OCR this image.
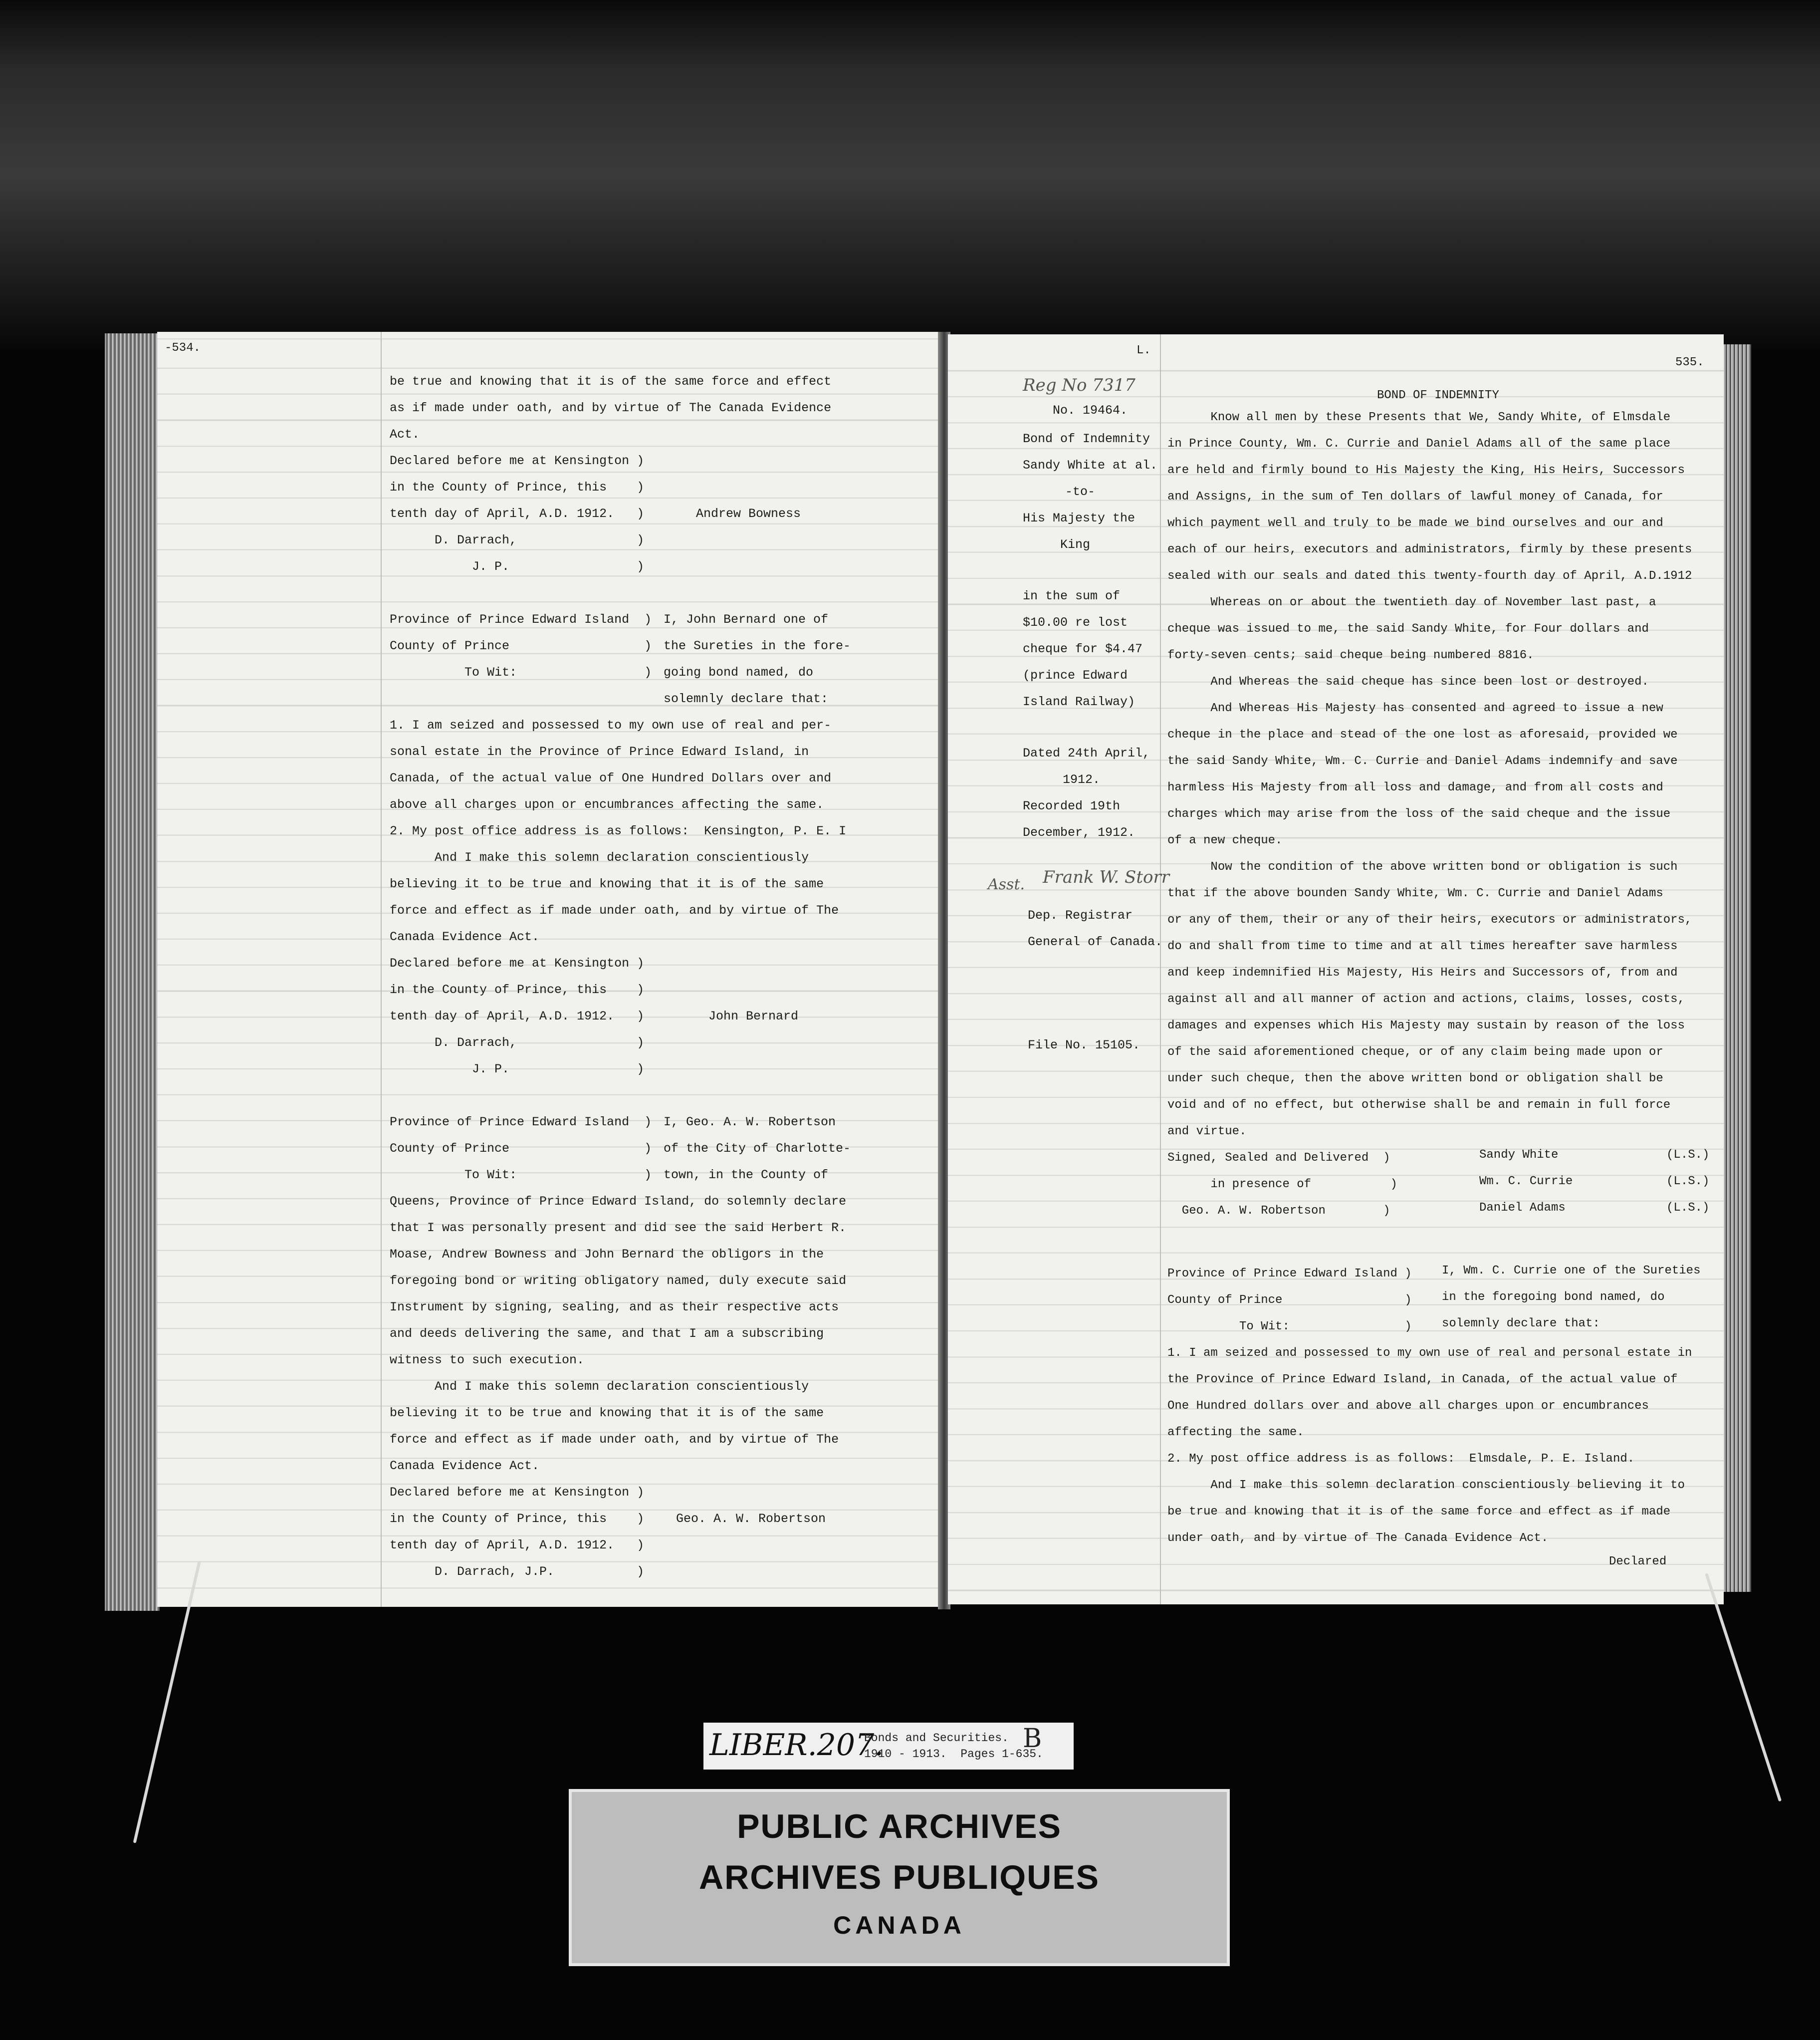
-534.
be true and knowing that it is of the same force and effect
as if made under oath, and by virtue of The Canada Evidence
Act.
Declared before me at Kensington )
in the County of Prince, this    )
tenth day of April, A.D. 1912.   )
D. Darrach,                )
J. P.                 )
Andrew Bowness
Province of Prince Edward Island  )
County of Prince                  )
To Wit:                 )
I, John Bernard one of
the Sureties in the fore-
going bond named, do
solemnly declare that:
1. I am seized and possessed to my own use of real and per-
sonal estate in the Province of Prince Edward Island, in
Canada, of the actual value of One Hundred Dollars over and
above all charges upon or encumbrances affecting the same.
2. My post office address is as follows:  Kensington, P. E. I
And I make this solemn declaration conscientiously
believing it to be true and knowing that it is of the same
force and effect as if made under oath, and by virtue of The
Canada Evidence Act.
Declared before me at Kensington )
in the County of Prince, this    )
tenth day of April, A.D. 1912.   )
D. Darrach,                )
J. P.                 )
John Bernard
Province of Prince Edward Island  )
County of Prince                  )
To Wit:                 )
I, Geo. A. W. Robertson
of the City of Charlotte-
town, in the County of
Queens, Province of Prince Edward Island, do solemnly declare
that I was personally present and did see the said Herbert R.
Moase, Andrew Bowness and John Bernard the obligors in the
foregoing bond or writing obligatory named, duly execute said
Instrument by signing, sealing, and as their respective acts
and deeds delivering the same, and that I am a subscribing
witness to such execution.
And I make this solemn declaration conscientiously
believing it to be true and knowing that it is of the same
force and effect as if made under oath, and by virtue of The
Canada Evidence Act.
Declared before me at Kensington )
in the County of Prince, this    )
tenth day of April, A.D. 1912.   )
D. Darrach, J.P.           )
Geo. A. W. Robertson
L.
535.
Reg No 7317
No. 19464.
Bond of Indemnity
Sandy White at al.
-to-
His Majesty the
King
in the sum of
$10.00 re lost
cheque for $4.47
(prince Edward
Island Railway)
Dated 24th April,
1912.
Recorded 19th
December, 1912.
Asst. Frank W. Storr
Dep. Registrar
General of Canada.
File No. 15105.
BOND OF INDEMNITY
Know all men by these Presents that We, Sandy White, of Elmsdale
in Prince County, Wm. C. Currie and Daniel Adams all of the same place
are held and firmly bound to His Majesty the King, His Heirs, Successors
and Assigns, in the sum of Ten dollars of lawful money of Canada, for
which payment well and truly to be made we bind ourselves and our and
each of our heirs, executors and administrators, firmly by these presents
sealed with our seals and dated this twenty-fourth day of April, A.D.1912
Whereas on or about the twentieth day of November last past, a
cheque was issued to me, the said Sandy White, for Four dollars and
forty-seven cents; said cheque being numbered 8816.
And Whereas the said cheque has since been lost or destroyed.
And Whereas His Majesty has consented and agreed to issue a new
cheque in the place and stead of the one lost as aforesaid, provided we
the said Sandy White, Wm. C. Currie and Daniel Adams indemnify and save
harmless His Majesty from all loss and damage, and from all costs and
charges which may arise from the loss of the said cheque and the issue
of a new cheque.
Now the condition of the above written bond or obligation is such
that if the above bounden Sandy White, Wm. C. Currie and Daniel Adams
or any of them, their or any of their heirs, executors or administrators,
do and shall from time to time and at all times hereafter save harmless
and keep indemnified His Majesty, His Heirs and Successors of, from and
against all and all manner of action and actions, claims, losses, costs,
damages and expenses which His Majesty may sustain by reason of the loss
of the said aforementioned cheque, or of any claim being made upon or
under such cheque, then the above written bond or obligation shall be
void and of no effect, but otherwise shall be and remain in full force
and virtue.
Signed, Sealed and Delivered  )
in presence of           )
Geo. A. W. Robertson        )
Sandy White
Wm. C. Currie
Daniel Adams
(L.S.)
(L.S.)
(L.S.)
Province of Prince Edward Island )
County of Prince                 )
To Wit:                )
I, Wm. C. Currie one of the Sureties
in the foregoing bond named, do
solemnly declare that:
1. I am seized and possessed to my own use of real and personal estate in
the Province of Prince Edward Island, in Canada, of the actual value of
One Hundred dollars over and above all charges upon or encumbrances
affecting the same.
2. My post office address is as follows:  Elmsdale, P. E. Island.
And I make this solemn declaration conscientiously believing it to
be true and knowing that it is of the same force and effect as if made
under oath, and by virtue of The Canada Evidence Act.
Declared
LIBER.207.
Bonds and Securities.
1910 - 1913.  Pages 1-635.
B
PUBLIC ARCHIVES
ARCHIVES PUBLIQUES
CANADA
